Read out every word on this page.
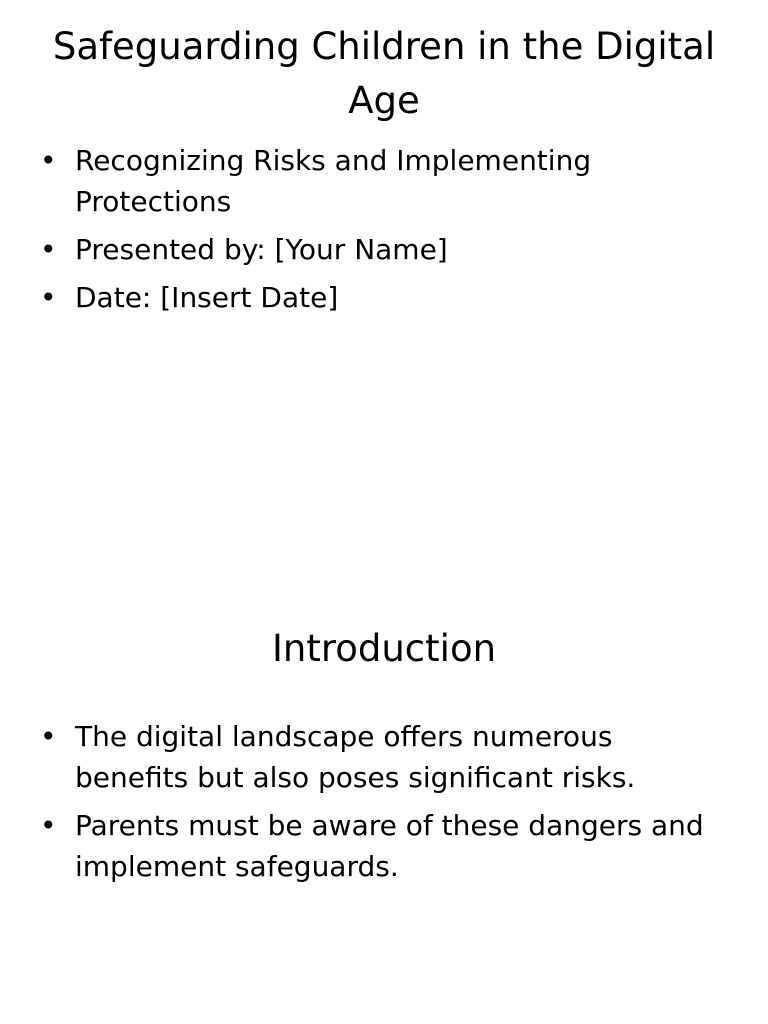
Safeguarding Children in the Digital Age
• Recognizing Risks and Implementing Protections
• Presented by: [Your Name]
• Date: [Insert Date]
Introduction
• The digital landscape offers numerous benefits but also poses significant risks.
• Parents must be aware of these dangers and implement safeguards.
